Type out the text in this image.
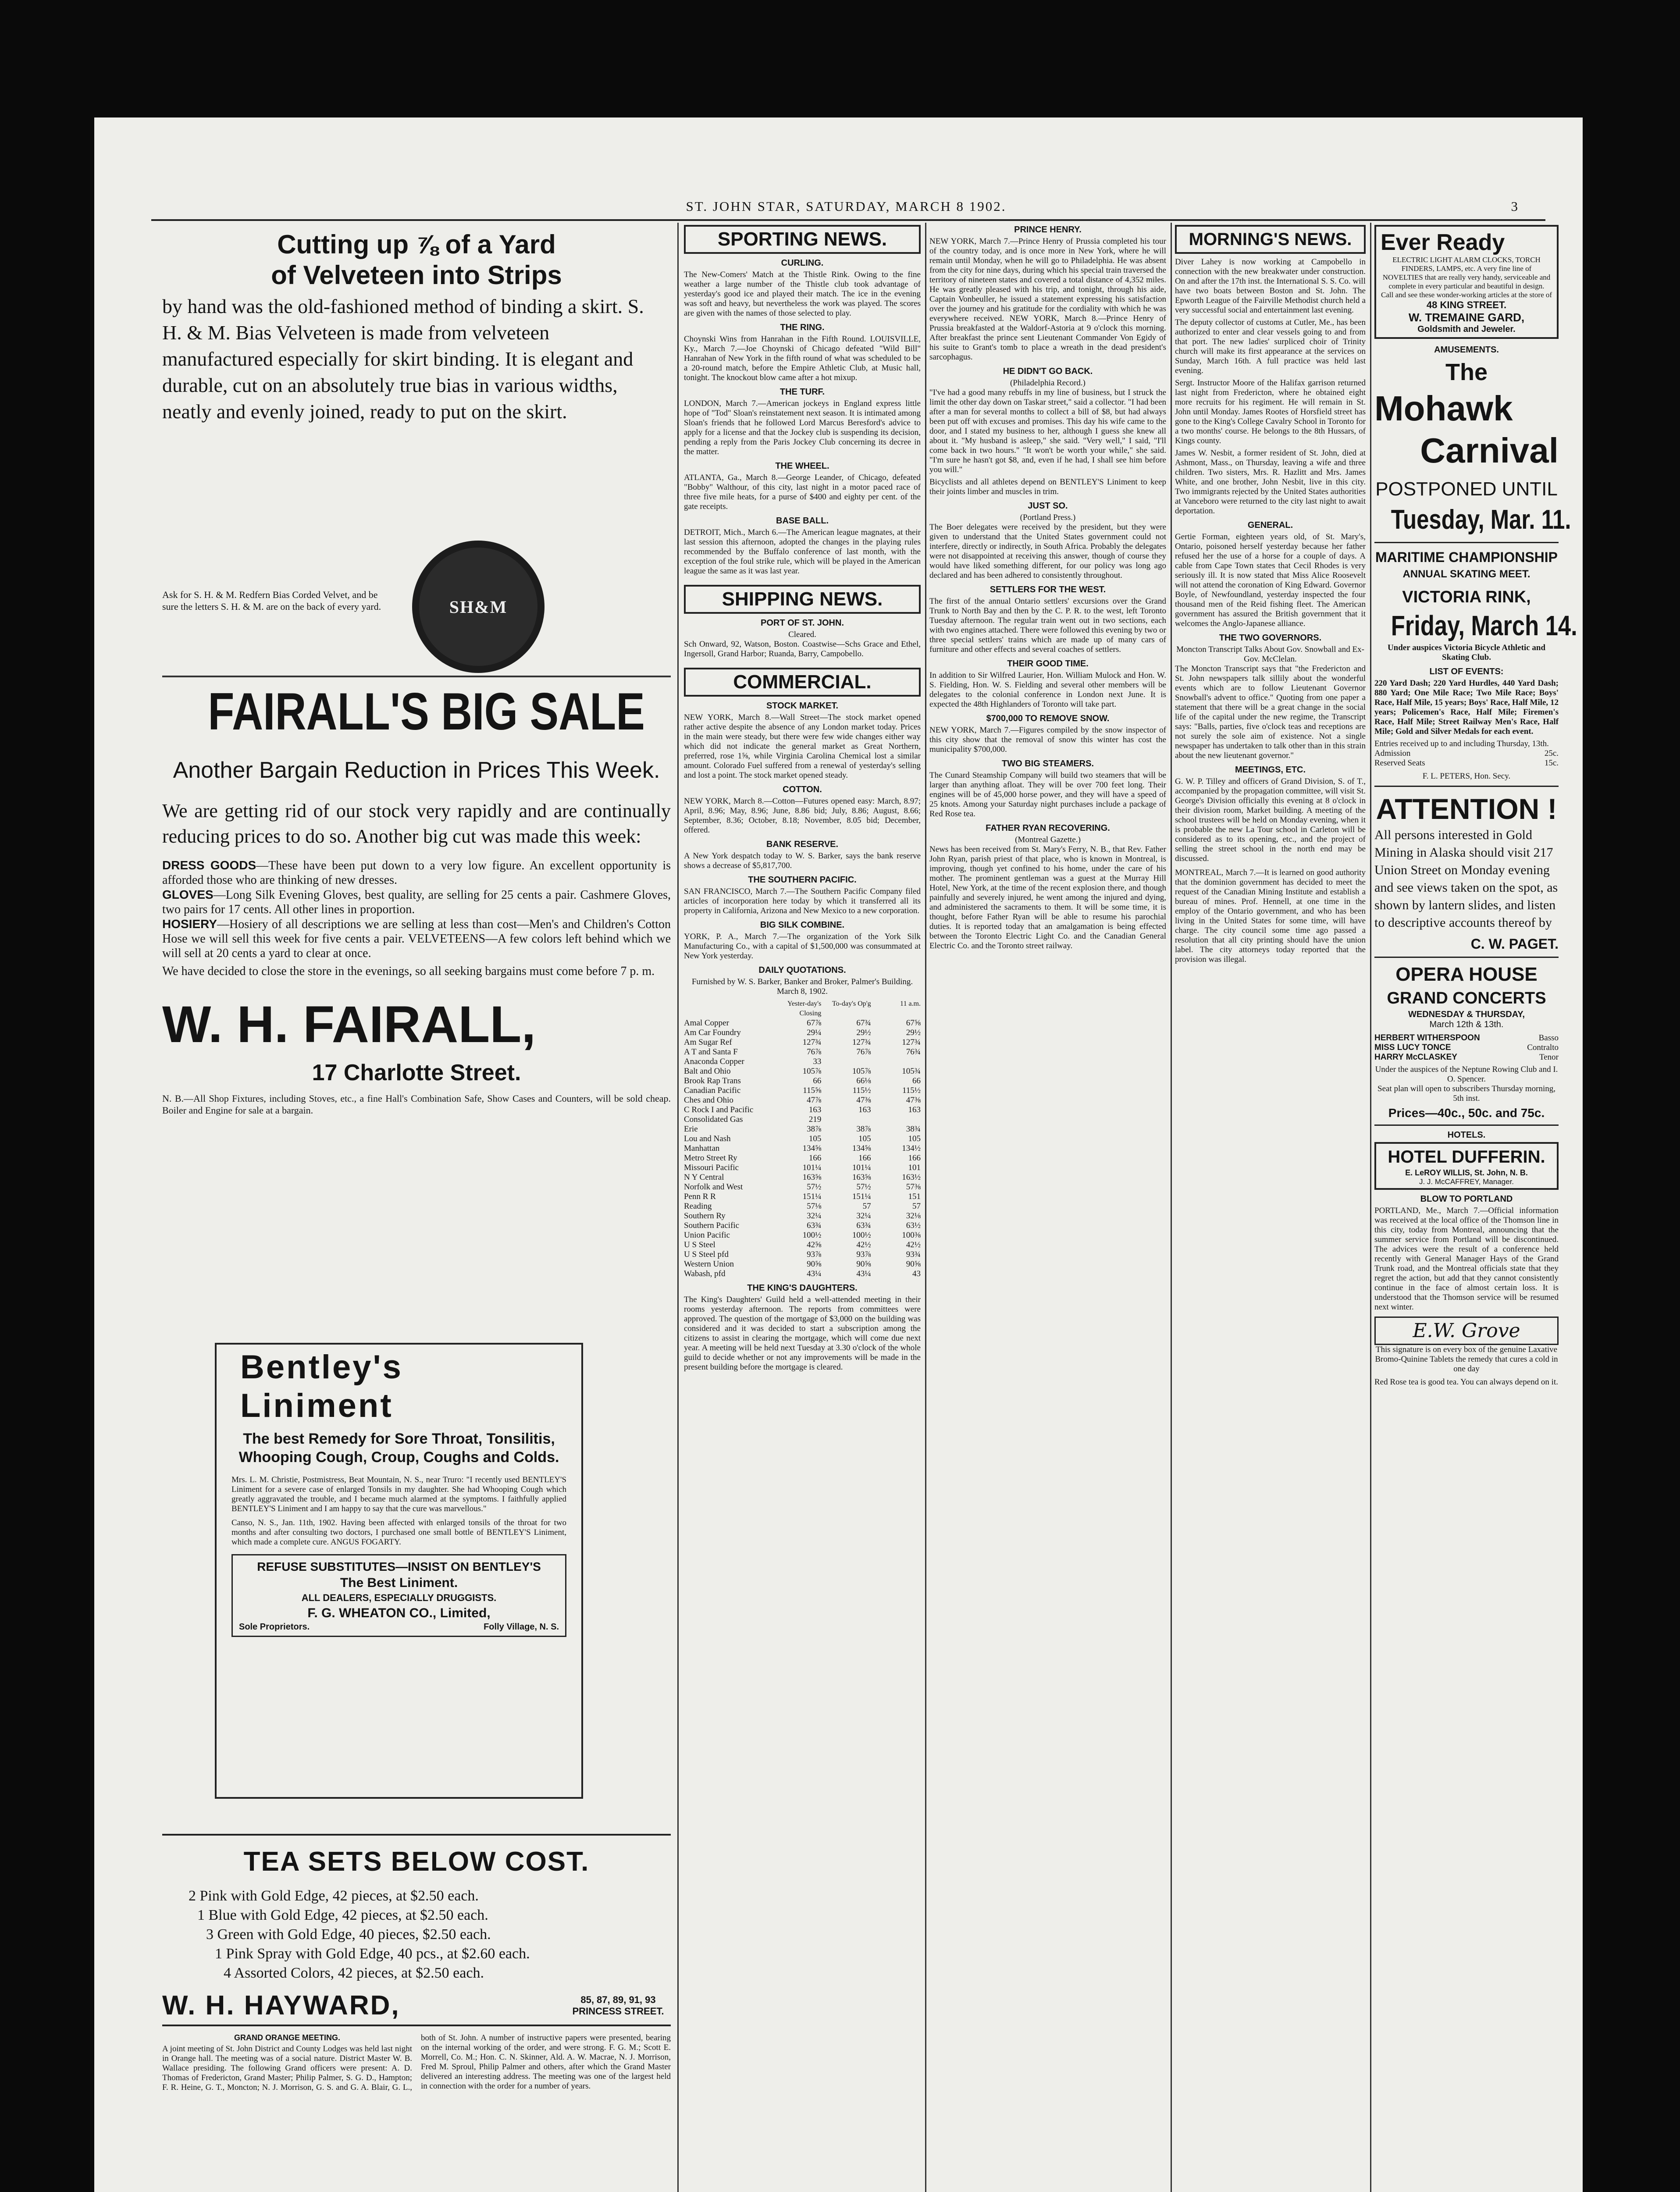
ST. JOHN STAR, SATURDAY, MARCH 8 1902.	3
Cutting up ⅞ of a Yard
of Velveteen into Strips

by hand was the old-fashioned method of binding a skirt. S. H. & M. Bias Velveteen is made from velveteen manufactured especially for skirt binding. It is elegant and durable, cut on an absolutely true bias in various widths, neatly and evenly joined, ready to put on the skirt.

SH&M

Ask for S. H. & M. Redfern Bias Corded Velvet, and be sure the letters S. H. & M. are on the back of every yard.

FAIRALL'S BIG SALE
Another Bargain Reduction in Prices This Week.

We are getting rid of our stock very rapidly and are continually reducing prices to do so. Another big cut was made this week:

DRESS GOODS—These have been put down to a very low figure. An excellent opportunity is afforded those who are thinking of new dresses.

GLOVES—Long Silk Evening Gloves, best quality, are selling for 25 cents a pair. Cashmere Gloves, two pairs for 17 cents. All other lines in proportion.

HOSIERY—Hosiery of all descriptions we are selling at less than cost—Men's and Children's Cotton Hose we will sell this week for five cents a pair. VELVETEENS—A few colors left behind which we will sell at 20 cents a yard to clear at once.

We have decided to close the store in the evenings, so all seeking bargains must come before 7 p. m.

W. H. FAIRALL,
17 Charlotte Street.

N. B.—All Shop Fixtures, including Stoves, etc., a fine Hall's Combination Safe, Show Cases and Counters, will be sold cheap. Boiler and Engine for sale at a bargain.

Bentley's
Liniment
The best Remedy for Sore Throat, Tonsilitis, Whooping Cough, Croup, Coughs and Colds.

Mrs. L. M. Christie, Postmistress, Beat Mountain, N. S., near Truro: "I recently used BENTLEY'S Liniment for a severe case of enlarged Tonsils in my daughter. She had Whooping Cough which greatly aggravated the trouble, and I became much alarmed at the symptoms. I faithfully applied BENTLEY'S Liniment and I am happy to say that the cure was marvellous."

Canso, N. S., Jan. 11th, 1902. Having been affected with enlarged tonsils of the throat for two months and after consulting two doctors, I purchased one small bottle of BENTLEY'S Liniment, which made a complete cure. ANGUS FOGARTY.

REFUSE SUBSTITUTES—INSIST ON BENTLEY'S
The Best Liniment.
ALL DEALERS, ESPECIALLY DRUGGISTS.
F. G. WHEATON CO., Limited,
Sole Proprietors.	Folly Village, N. S.
TEA SETS BELOW COST.
2 Pink with Gold Edge, 42 pieces, at $2.50 each.
1 Blue with Gold Edge, 42 pieces, at $2.50 each.
3 Green with Gold Edge, 40 pieces, $2.50 each.
1 Pink Spray with Gold Edge, 40 pcs., at $2.60 each.
4 Assorted Colors, 42 pieces, at $2.50 each.
W. H. HAYWARD,	85, 87, 89, 91, 93 PRINCESS STREET.
GRAND ORANGE MEETING.

A joint meeting of St. John District and County Lodges was held last night in Orange hall. The meeting was of a social nature. District Master W. B. Wallace presiding. The following Grand officers were present: A. D. Thomas of Fredericton, Grand Master; Philip Palmer, S. G. D., Hampton; F. R. Heine, G. T., Moncton; N. J. Morrison, G. S. and G. A. Blair, G. L., both of St. John. A number of instructive papers were presented, bearing on the internal working of the order, and were strong. F. G. M.; Scott E. Morrell, Co. M.; Hon. C. N. Skinner, Ald. A. W. Macrae, N. J. Morrison, Fred M. Sproul, Philip Palmer and others, after which the Grand Master delivered an interesting address. The meeting was one of the largest held in connection with the order for a number of years.

SPORTING NEWS.
CURLING.

The New-Comers' Match at the Thistle Rink. Owing to the fine weather a large number of the Thistle club took advantage of yesterday's good ice and played their match. The ice in the evening was soft and heavy, but nevertheless the work was played. The scores are given with the names of those selected to play.

THE RING.

Choynski Wins from Hanrahan in the Fifth Round. LOUISVILLE, Ky., March 7.—Joe Choynski of Chicago defeated "Wild Bill" Hanrahan of New York in the fifth round of what was scheduled to be a 20-round match, before the Empire Athletic Club, at Music hall, tonight. The knockout blow came after a hot mixup.

THE TURF.

LONDON, March 7.—American jockeys in England express little hope of "Tod" Sloan's reinstatement next season. It is intimated among Sloan's friends that he followed Lord Marcus Beresford's advice to apply for a license and that the Jockey club is suspending its decision, pending a reply from the Paris Jockey Club concerning its decree in the matter.

THE WHEEL.

ATLANTA, Ga., March 8.—George Leander, of Chicago, defeated "Bobby" Walthour, of this city, last night in a motor paced race of three five mile heats, for a purse of $400 and eighty per cent. of the gate receipts.

BASE BALL.

DETROIT, Mich., March 6.—The American league magnates, at their last session this afternoon, adopted the changes in the playing rules recommended by the Buffalo conference of last month, with the exception of the foul strike rule, which will be played in the American league the same as it was last year.

SHIPPING NEWS.
PORT OF ST. JOHN.
Cleared.

Sch Onward, 92, Watson, Boston. Coastwise—Schs Grace and Ethel, Ingersoll, Grand Harbor; Ruanda, Barry, Campobello.

COMMERCIAL.
STOCK MARKET.

NEW YORK, March 8.—Wall Street—The stock market opened rather active despite the absence of any London market today. Prices in the main were steady, but there were few wide changes either way which did not indicate the general market as Great Northern, preferred, rose 1⅝, while Virginia Carolina Chemical lost a similar amount. Colorado Fuel suffered from a renewal of yesterday's selling and lost a point. The stock market opened steady.

COTTON.

NEW YORK, March 8.—Cotton—Futures opened easy: March, 8.97; April, 8.96; May, 8.96; June, 8.86 bid; July, 8.86; August, 8.66; September, 8.36; October, 8.18; November, 8.05 bid; December, offered.

BANK RESERVE.

A New York despatch today to W. S. Barker, says the bank reserve shows a decrease of $5,817,700.

THE SOUTHERN PACIFIC.

SAN FRANCISCO, March 7.—The Southern Pacific Company filed articles of incorporation here today by which it transferred all its property in California, Arizona and New Mexico to a new corporation.

BIG SILK COMBINE.

YORK, P. A., March 7.—The organization of the York Silk Manufacturing Co., with a capital of $1,500,000 was consummated at New York yesterday.

DAILY QUOTATIONS.

Furnished by W. S. Barker, Banker and Broker, Palmer's Building. March 8, 1902.

Yester-day's Closing
To-day's Op'g	11 a.m.
Amal Copper	67⅞	67¾	67⅝
Am Car Foundry	29¼	29½	29½
Am Sugar Ref	127¾	127¾	127¾
A T and Santa F	76⅞	76⅞	76¾
Anaconda Copper	33
Balt and Ohio	105⅞	105⅞	105¾
Brook Rap Trans	66	66⅛	66
Canadian Pacific	115⅝	115½	115½
Ches and Ohio	47⅞	47⅜	47⅜
C Rock I and Pacific	163	163	163
Consolidated Gas	219
Erie	38⅞	38⅞	38¾
Lou and Nash	105	105	105
Manhattan	134⅝	134⅝	134½
Metro Street Ry	166	166	166
Missouri Pacific	101¼	101¼	101
N Y Central	163⅝	163⅝	163½
Norfolk and West	57½	57½	57⅜
Penn R R	151¼	151¼	151
Reading	57⅛	57	57
Southern Ry	32¼	32¼	32⅛
Southern Pacific	63¾	63¾	63½
Union Pacific	100½	100½	100⅜
U S Steel	42⅝	42½	42½
U S Steel pfd	93⅞	93⅞	93¾
Western Union	90⅝	90⅝	90⅝
Wabash, pfd	43¼	43¼	43
THE KING'S DAUGHTERS.

The King's Daughters' Guild held a well-attended meeting in their rooms yesterday afternoon. The reports from committees were approved. The question of the mortgage of $3,000 on the building was considered and it was decided to start a subscription among the citizens to assist in clearing the mortgage, which will come due next year. A meeting will be held next Tuesday at 3.30 o'clock of the whole guild to decide whether or not any improvements will be made in the present building before the mortgage is cleared.

PRINCE HENRY.

NEW YORK, March 7.—Prince Henry of Prussia completed his tour of the country today, and is once more in New York, where he will remain until Monday, when he will go to Philadelphia. He was absent from the city for nine days, during which his special train traversed the territory of nineteen states and covered a total distance of 4,352 miles. He was greatly pleased with his trip, and tonight, through his aide, Captain Vonbeuller, he issued a statement expressing his satisfaction over the journey and his gratitude for the cordiality with which he was everywhere received. NEW YORK, March 8.—Prince Henry of Prussia breakfasted at the Waldorf-Astoria at 9 o'clock this morning. After breakfast the prince sent Lieutenant Commander Von Egidy of his suite to Grant's tomb to place a wreath in the dead president's sarcophagus.

HE DIDN'T GO BACK.
(Philadelphia Record.)

"I've had a good many rebuffs in my line of business, but I struck the limit the other day down on Taskar street," said a collector. "I had been after a man for several months to collect a bill of $8, but had always been put off with excuses and promises. This day his wife came to the door, and I stated my business to her, although I guess she knew all about it. "My husband is asleep," she said. "Very well," I said, "I'll come back in two hours." "It won't be worth your while," she said. "I'm sure he hasn't got $8, and, even if he had, I shall see him before you will."

Bicyclists and all athletes depend on BENTLEY'S Liniment to keep their joints limber and muscles in trim.

JUST SO.
(Portland Press.)

The Boer delegates were received by the president, but they were given to understand that the United States government could not interfere, directly or indirectly, in South Africa. Probably the delegates were not disappointed at receiving this answer, though of course they would have liked something different, for our policy was long ago declared and has been adhered to consistently throughout.

SETTLERS FOR THE WEST.

The first of the annual Ontario settlers' excursions over the Grand Trunk to North Bay and then by the C. P. R. to the west, left Toronto Tuesday afternoon. The regular train went out in two sections, each with two engines attached. There were followed this evening by two or three special settlers' trains which are made up of many cars of furniture and other effects and several coaches of settlers.

THEIR GOOD TIME.

In addition to Sir Wilfred Laurier, Hon. William Mulock and Hon. W. S. Fielding, Hon. W. S. Fielding and several other members will be delegates to the colonial conference in London next June. It is expected the 48th Highlanders of Toronto will take part.

$700,000 TO REMOVE SNOW.

NEW YORK, March 7.—Figures compiled by the snow inspector of this city show that the removal of snow this winter has cost the municipality $700,000.

TWO BIG STEAMERS.

The Cunard Steamship Company will build two steamers that will be larger than anything afloat. They will be over 700 feet long. Their engines will be of 45,000 horse power, and they will have a speed of 25 knots. Among your Saturday night purchases include a package of Red Rose tea.

FATHER RYAN RECOVERING.
(Montreal Gazette.)

News has been received from St. Mary's Ferry, N. B., that Rev. Father John Ryan, parish priest of that place, who is known in Montreal, is improving, though yet confined to his home, under the care of his mother. The prominent gentleman was a guest at the Murray Hill Hotel, New York, at the time of the recent explosion there, and though painfully and severely injured, he went among the injured and dying, and administered the sacraments to them. It will be some time, it is thought, before Father Ryan will be able to resume his parochial duties. It is reported today that an amalgamation is being effected between the Toronto Electric Light Co. and the Canadian General Electric Co. and the Toronto street railway.

MORNING'S NEWS.

Diver Lahey is now working at Campobello in connection with the new breakwater under construction. On and after the 17th inst. the International S. S. Co. will have two boats between Boston and St. John. The Epworth League of the Fairville Methodist church held a very successful social and entertainment last evening.

The deputy collector of customs at Cutler, Me., has been authorized to enter and clear vessels going to and from that port. The new ladies' surpliced choir of Trinity church will make its first appearance at the services on Sunday, March 16th. A full practice was held last evening.

Sergt. Instructor Moore of the Halifax garrison returned last night from Fredericton, where he obtained eight more recruits for his regiment. He will remain in St. John until Monday. James Rootes of Horsfield street has gone to the King's College Cavalry School in Toronto for a two months' course. He belongs to the 8th Hussars, of Kings county.

James W. Nesbit, a former resident of St. John, died at Ashmont, Mass., on Thursday, leaving a wife and three children. Two sisters, Mrs. R. Hazlitt and Mrs. James White, and one brother, John Nesbit, live in this city. Two immigrants rejected by the United States authorities at Vanceboro were returned to the city last night to await deportation.

GENERAL.

Gertie Forman, eighteen years old, of St. Mary's, Ontario, poisoned herself yesterday because her father refused her the use of a horse for a couple of days. A cable from Cape Town states that Cecil Rhodes is very seriously ill. It is now stated that Miss Alice Roosevelt will not attend the coronation of King Edward. Governor Boyle, of Newfoundland, yesterday inspected the four thousand men of the Reid fishing fleet. The American government has assured the British government that it welcomes the Anglo-Japanese alliance.

THE TWO GOVERNORS.
Moncton Transcript Talks About Gov. Snowball and Ex-Gov. McClelan.

The Moncton Transcript says that "the Fredericton and St. John newspapers talk sillily about the wonderful events which are to follow Lieutenant Governor Snowball's advent to office." Quoting from one paper a statement that there will be a great change in the social life of the capital under the new regime, the Transcript says: "Balls, parties, five o'clock teas and receptions are not surely the sole aim of existence. Not a single newspaper has undertaken to talk other than in this strain about the new lieutenant governor."

MEETINGS, ETC.

G. W. P. Tilley and officers of Grand Division, S. of T., accompanied by the propagation committee, will visit St. George's Division officially this evening at 8 o'clock in their division room, Market building. A meeting of the school trustees will be held on Monday evening, when it is probable the new La Tour school in Carleton will be considered as to its opening, etc., and the project of selling the street school in the north end may be discussed.

MONTREAL, March 7.—It is learned on good authority that the dominion government has decided to meet the request of the Canadian Mining Institute and establish a bureau of mines. Prof. Hennell, at one time in the employ of the Ontario government, and who has been living in the United States for some time, will have charge. The city council some time ago passed a resolution that all city printing should have the union label. The city attorneys today reported that the provision was illegal.

Ever Ready

ELECTRIC LIGHT ALARM CLOCKS, TORCH FINDERS, LAMPS, etc. A very fine line of NOVELTIES that are really very handy, serviceable and complete in every particular and beautiful in design.

Call and see these wonder-working articles at the store of

48 KING STREET.
W. TREMAINE GARD,
Goldsmith and Jeweler.
AMUSEMENTS.
The
Mohawk
Carnival
POSTPONED UNTIL
Tuesday, Mar. 11.
MARITIME CHAMPIONSHIP
ANNUAL SKATING MEET.
VICTORIA RINK,
Friday, March 14.

Under auspices Victoria Bicycle Athletic and Skating Club.

LIST OF EVENTS:

220 Yard Dash; 220 Yard Hurdles, 440 Yard Dash; 880 Yard; One Mile Race; Two Mile Race; Boys' Race, Half Mile, 15 years; Boys' Race, Half Mile, 12 years; Policemen's Race, Half Mile; Firemen's Race, Half Mile; Street Railway Men's Race, Half Mile; Gold and Silver Medals for each event.

Entries received up to and including Thursday, 13th.

Admission	25c.
Reserved Seats	15c.
F. L. PETERS, Hon. Secy.
ATTENTION !

All persons interested in Gold Mining in Alaska should visit 217 Union Street on Monday evening and see views taken on the spot, as shown by lantern slides, and listen to descriptive accounts thereof by

C. W. PAGET.
OPERA HOUSE
GRAND CONCERTS
WEDNESDAY & THURSDAY,
March 12th & 13th.
HERBERT WITHERSPOON	Basso
MISS LUCY TONCE	Contralto
HARRY McCLASKEY	Tenor

Under the auspices of the Neptune Rowing Club and I. O. Spencer.

Seat plan will open to subscribers Thursday morning, 5th inst.

Prices—40c., 50c. and 75c.
HOTELS.
HOTEL DUFFERIN.
E. LeROY WILLIS, St. John, N. B.
J. J. McCAFFREY, Manager.
BLOW TO PORTLAND

PORTLAND, Me., March 7.—Official information was received at the local office of the Thomson line in this city, today from Montreal, announcing that the summer service from Portland will be discontinued. The advices were the result of a conference held recently with General Manager Hays of the Grand Trunk road, and the Montreal officials state that they regret the action, but add that they cannot consistently continue in the face of almost certain loss. It is understood that the Thomson service will be resumed next winter.

E.W. Grove

This signature is on every box of the genuine Laxative Bromo-Quinine Tablets the remedy that cures a cold in one day

Red Rose tea is good tea. You can always depend on it.
